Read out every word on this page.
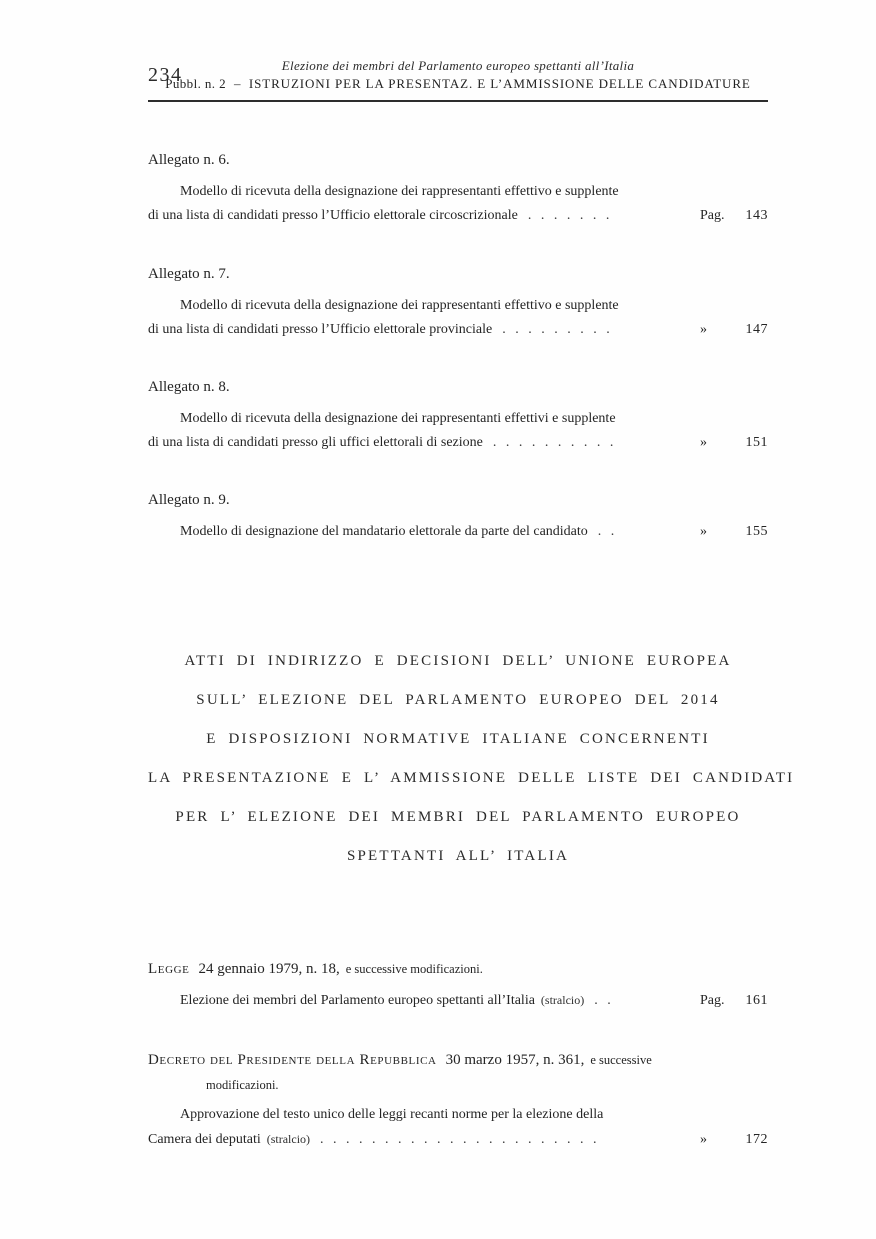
234	Elezione dei membri del Parlamento europeo spettanti all’Italia
Pubbl. n. 2 – ISTRUZIONI PER LA PRESENTAZ. E L’AMMISSIONE DELLE CANDIDATURE
Allegato n. 6.
Modello di ricevuta della designazione dei rappresentanti effettivo e supplente
di una lista di candidati presso l’Ufficio elettorale circoscrizionale . . . . . . .	Pag. 143
Allegato n. 7.
Modello di ricevuta della designazione dei rappresentanti effettivo e supplente
di una lista di candidati presso l’Ufficio elettorale provinciale . . . . . . . . .	»	147
Allegato n. 8.
Modello di ricevuta della designazione dei rappresentanti effettivi e supplente
di una lista di candidati presso gli uffici elettorali di sezione . . . . . . . . . .	»	151
Allegato n. 9.
Modello di designazione del mandatario elettorale da parte del candidato . .	»	155
ATTI DI INDIRIZZO E DECISIONI DELL’ UNIONE EUROPEA
SULL’ ELEZIONE DEL PARLAMENTO EUROPEO DEL 2014
E DISPOSIZIONI NORMATIVE ITALIANE CONCERNENTI
LA PRESENTAZIONE E L’ AMMISSIONE DELLE LISTE DEI CANDIDATI
PER L’ ELEZIONE DEI MEMBRI DEL PARLAMENTO EUROPEO
SPETTANTI ALL’ ITALIA
Legge 24 gennaio 1979, n. 18, e successive modificazioni.
Elezione dei membri del Parlamento europeo spettanti all’Italia (stralcio) . .	Pag. 161
Decreto del Presidente della Repubblica 30 marzo 1957, n. 361, e successive
modificazioni.
Approvazione del testo unico delle leggi recanti norme per la elezione della
Camera dei deputati (stralcio) . . . . . . . . . . . . . . . . . . . . . .	»	172
